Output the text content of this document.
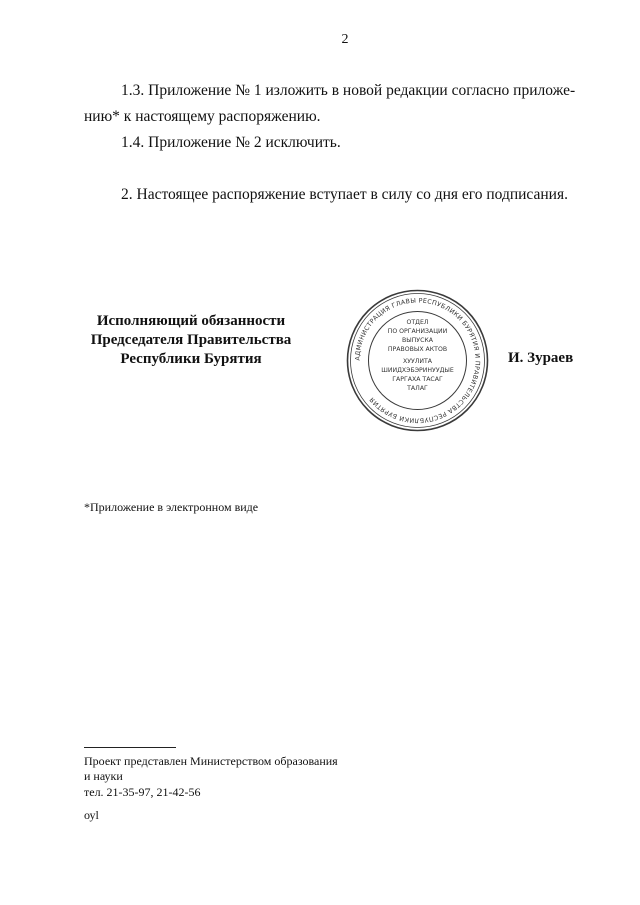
2
1.3. Приложение № 1 изложить в новой редакции согласно приложе-
нию* к настоящему распоряжению.
1.4. Приложение № 2 исключить.
2. Настоящее распоряжение вступает в силу со дня его подписания.
Исполняющий обязанности
Председателя Правительства
Республики Бурятия	АДМИНИСТРАЦИЯ ГЛАВЫ РЕСПУБЛИКИ БУРЯТИЯ И ПРАВИТЕЛЬСТВА РЕСПУБЛИКИ БУРЯТИЯ
ОТДЕЛ
ПО ОРГАНИЗАЦИИ
ВЫПУСКА
ПРАВОВЫХ АКТОВ
ХУУЛИТА
ШИИДХЭБЭРИНУУДЫЕ
ГАРГАХА ТАСАГ
ТАЛАГ
И. Зураев
*Приложение в электронном виде
Проект представлен Министерством образования
и науки
тел. 21-35-97, 21-42-56
оуl
